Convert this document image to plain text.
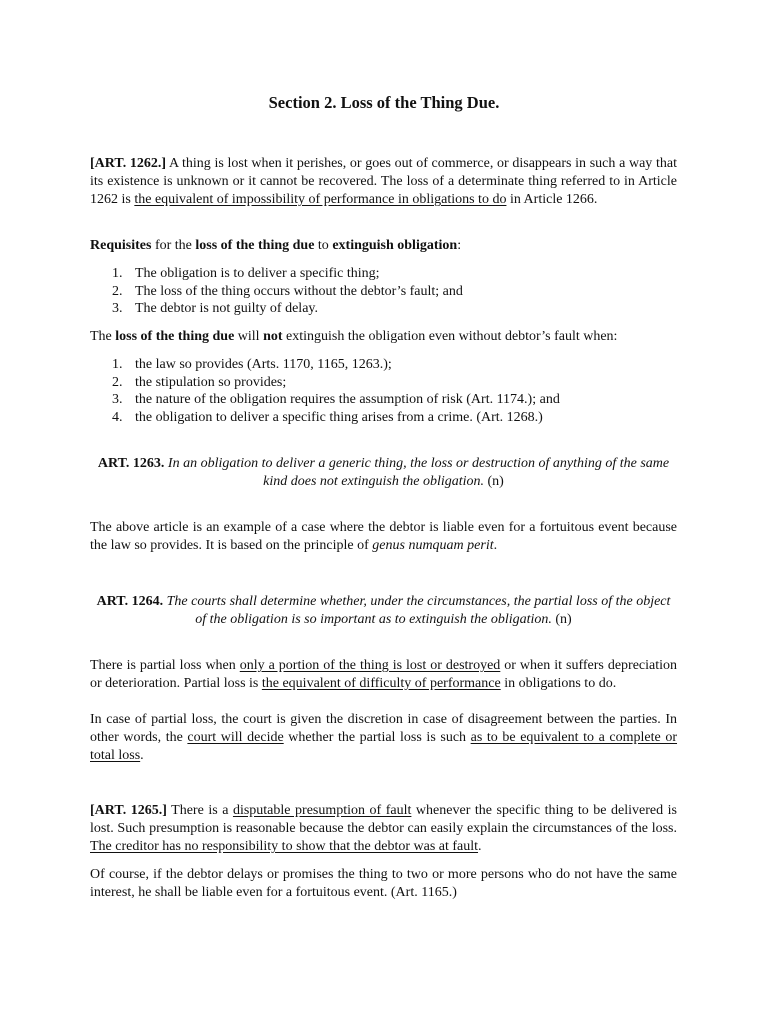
Section 2. Loss of the Thing Due.
[ART. 1262.] A thing is lost when it perishes, or goes out of commerce, or disappears in such a way that its existence is unknown or it cannot be recovered. The loss of a determinate thing referred to in Article 1262 is the equivalent of impossibility of performance in obligations to do in Article 1266.
Requisites for the loss of the thing due to extinguish obligation:
1. The obligation is to deliver a specific thing;
2. The loss of the thing occurs without the debtor’s fault; and
3. The debtor is not guilty of delay.
The loss of the thing due will not extinguish the obligation even without debtor’s fault when:
1. the law so provides (Arts. 1170, 1165, 1263.);
2. the stipulation so provides;
3. the nature of the obligation requires the assumption of risk (Art. 1174.); and
4. the obligation to deliver a specific thing arises from a crime. (Art. 1268.)
ART. 1263. In an obligation to deliver a generic thing, the loss or destruction of anything of the same kind does not extinguish the obligation. (n)
The above article is an example of a case where the debtor is liable even for a fortuitous event because the law so provides. It is based on the principle of genus numquam perit.
ART. 1264. The courts shall determine whether, under the circumstances, the partial loss of the object of the obligation is so important as to extinguish the obligation. (n)
There is partial loss when only a portion of the thing is lost or destroyed or when it suffers depreciation or deterioration. Partial loss is the equivalent of difficulty of performance in obligations to do.
In case of partial loss, the court is given the discretion in case of disagreement between the parties. In other words, the court will decide whether the partial loss is such as to be equivalent to a complete or total loss.
[ART. 1265.] There is a disputable presumption of fault whenever the specific thing to be delivered is lost. Such presumption is reasonable because the debtor can easily explain the circumstances of the loss. The creditor has no responsibility to show that the debtor was at fault.
Of course, if the debtor delays or promises the thing to two or more persons who do not have the same interest, he shall be liable even for a fortuitous event. (Art. 1165.)
